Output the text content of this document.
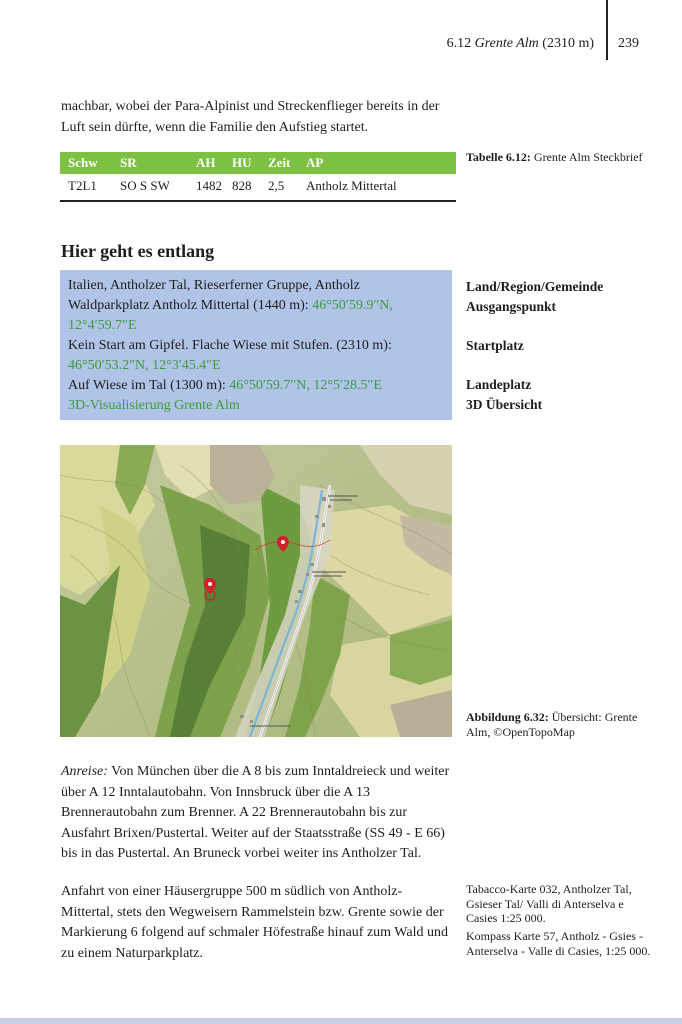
6.12 Grente Alm (2310 m) 239
machbar, wobei der Para-Alpinist und Streckenflieger bereits in der Luft sein dürfte, wenn die Familie den Aufstieg startet.
Schw	SR	AH	HU	Zeit	AP
T2L1	SO S SW	1482	828	2,5	Antholz Mittertal
Tabelle 6.12: Grente Alm Steckbrief
Hier geht es entlang
Italien, Antholzer Tal, Rieserferner Gruppe, Antholz
Waldparkplatz Antholz Mittertal (1440 m): 46°50′59.9″N, 12°4′59.7″E
Kein Start am Gipfel. Flache Wiese mit Stufen. (2310 m): 46°50′53.2″N, 12°3′45.4″E
Auf Wiese im Tal (1300 m): 46°50′59.7″N, 12°5′28.5″E
3D-Visualisierung Grente Alm
Land/Region/Gemeinde
Ausgangspunkt
Startplatz
Landeplatz
3D Übersicht
Abbildung 6.32: Übersicht: Grente Alm, ©OpenTopoMap
Anreise: Von München über die A 8 bis zum Inntaldreieck und weiter über A 12 Inntalautobahn. Von Innsbruck über die A 13 Brennerautobahn zum Brenner. A 22 Brennerautobahn bis zur Ausfahrt Brixen/Pustertal. Weiter auf der Staatsstraße (SS 49 - E 66) bis in das Pustertal. An Bruneck vorbei weiter ins Antholzer Tal.
Anfahrt von einer Häusergruppe 500 m südlich von Antholz-Mittertal, stets den Wegweisern Rammelstein bzw. Grente sowie der Markierung 6 folgend auf schmaler Höfestraße hinauf zum Wald und zu einem Naturparkplatz.
Tabacco-Karte 032, Antholzer Tal, Gsieser Tal/ Valli di Anterselva e Casies 1:25 000.
Kompass Karte 57, Antholz - Gsies - Anterselva - Valle di Casies, 1:25 000.
